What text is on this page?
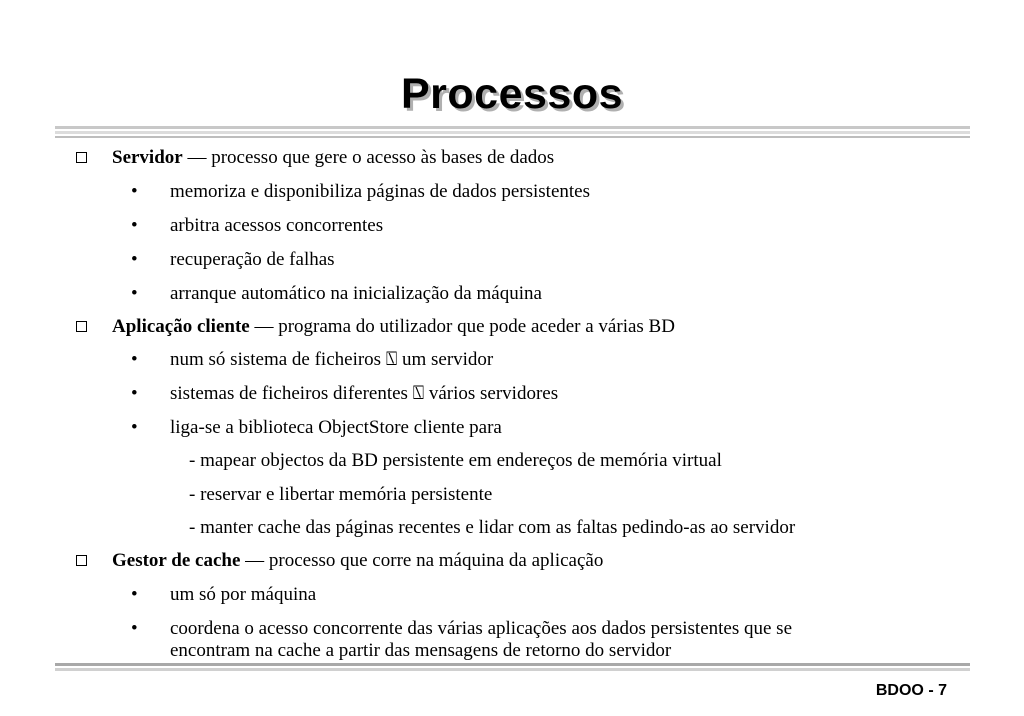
Processos
Servidor — processo que gere o acesso às bases de dados
• memoriza e disponibiliza páginas de dados persistentes
• arbitra acessos concorrentes
• recuperação de falhas
• arranque automático na inicialização da máquina
Aplicação cliente — programa do utilizador que pode aceder a várias BD
• num só sistema de ficheiros ⍂ um servidor
• sistemas de ficheiros diferentes ⍂ vários servidores
• liga-se a biblioteca ObjectStore cliente para
- mapear objectos da BD persistente em endereços de memória virtual
- reservar e libertar memória persistente
- manter cache das páginas recentes e lidar com as faltas pedindo-as ao servidor
Gestor de cache — processo que corre na máquina da aplicação
• um só por máquina
• coordena o acesso concorrente das várias aplicações aos dados persistentes que se
encontram na cache a partir das mensagens de retorno do servidor
BDOO - 7
